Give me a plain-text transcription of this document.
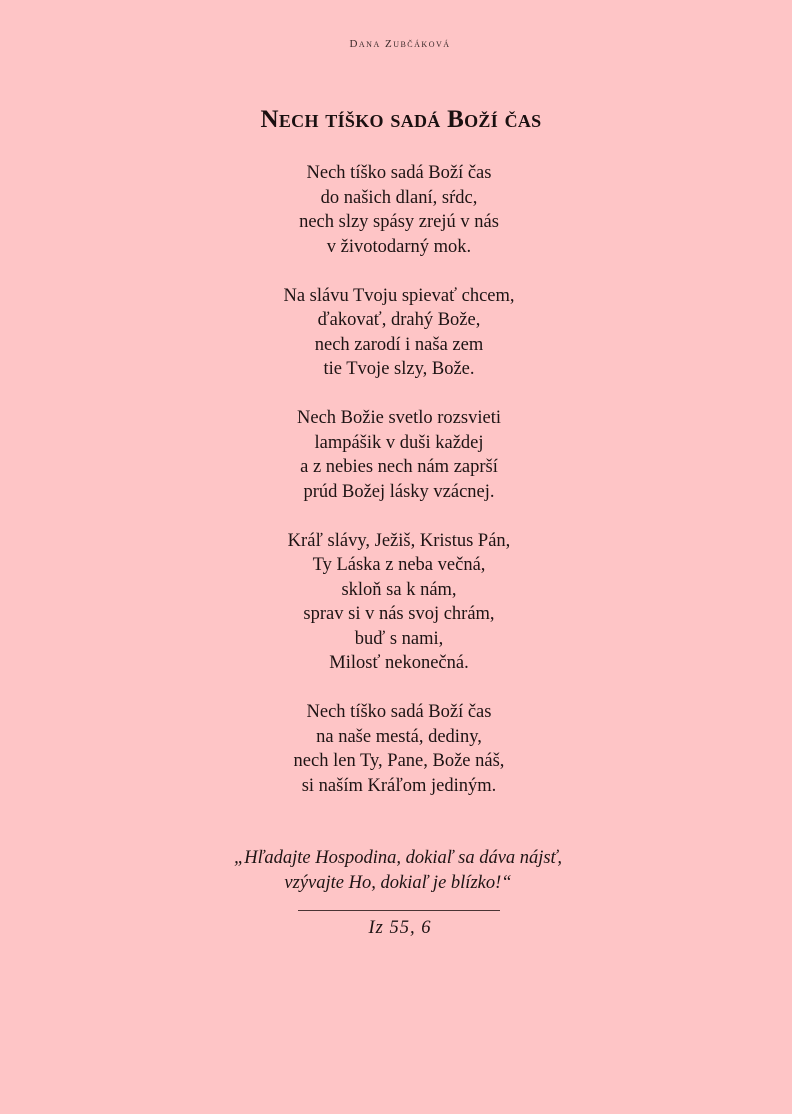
Dana Zubčáková
Nech tíško sadá Boží čas
Nech tíško sadá Boží čas
do našich dlaní, sŕdc,
nech slzy spásy zrejú v nás
v životodarný mok.
Na slávu Tvoju spievať chcem,
ďakovať, drahý Bože,
nech zarodí i naša zem
tie Tvoje slzy, Bože.
Nech Božie svetlo rozsvieti
lampášik v duši každej
a z nebies nech nám zaprší
prúd Božej lásky vzácnej.
Kráľ slávy, Ježiš, Kristus Pán,
Ty Láska z neba večná,
skloň sa k nám,
sprav si v nás svoj chrám,
buď s nami,
Milosť nekonečná.
Nech tíško sadá Boží čas
na naše mestá, dediny,
nech len Ty, Pane, Bože náš,
si naším Kráľom jediným.
„Hľadajte Hospodina, dokiaľ sa dáva nájsť,
vzývajte Ho, dokiaľ je blízko!“
Iz 55, 6
